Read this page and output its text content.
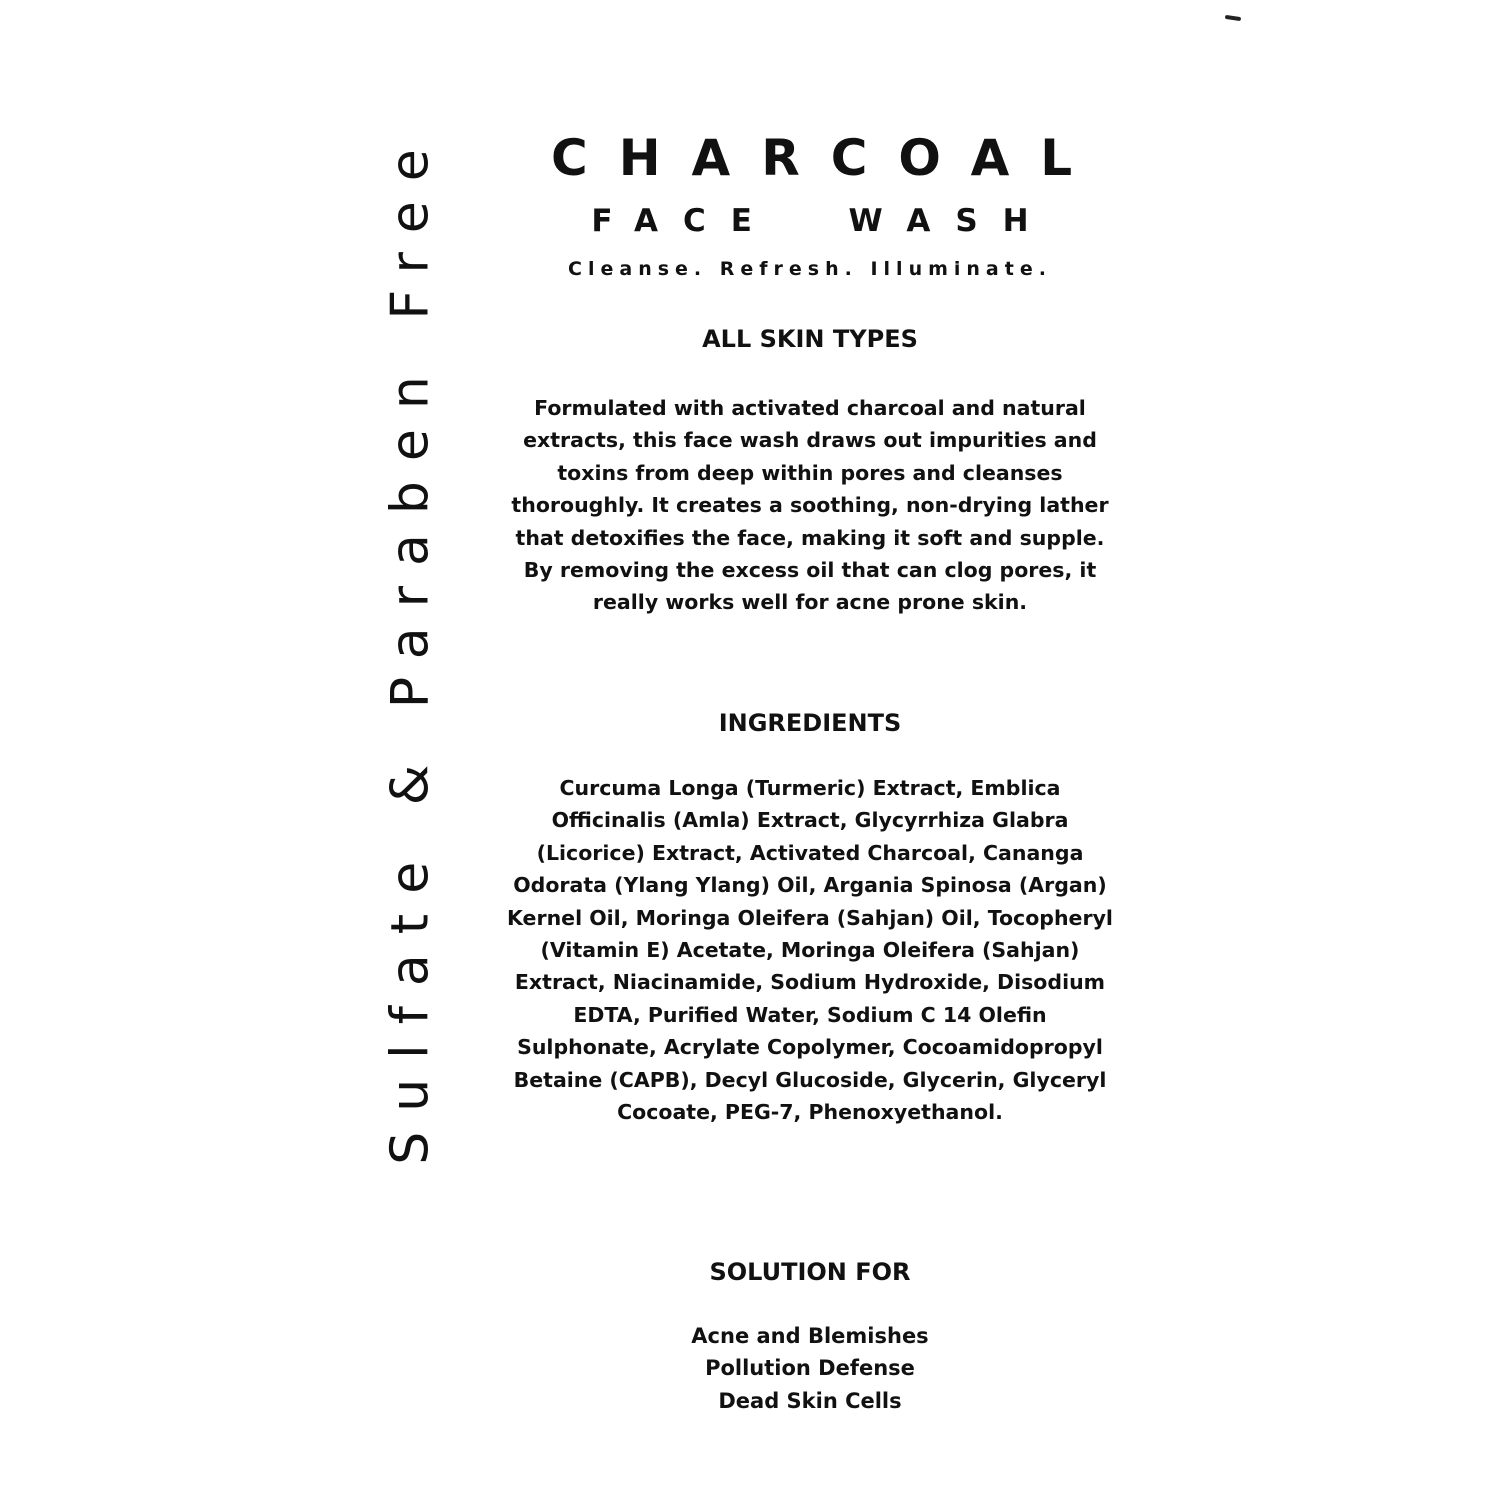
Sulfate & Paraben Free	CHARCOAL
FACE  WASH
Cleanse. Refresh. Illuminate.
ALL SKIN TYPES
Formulated with activated charcoal and natural extracts, this face wash draws out impurities and toxins from deep within pores and cleanses thoroughly. It creates a soothing, non-drying lather that detoxifies the face, making it soft and supple. By removing the excess oil that can clog pores, it really works well for acne prone skin.
INGREDIENTS
Curcuma Longa (Turmeric) Extract, Emblica Officinalis (Amla) Extract, Glycyrrhiza Glabra (Licorice) Extract, Activated Charcoal, Cananga Odorata (Ylang Ylang) Oil, Argania Spinosa (Argan) Kernel Oil, Moringa Oleifera (Sahjan) Oil, Tocopheryl (Vitamin E) Acetate, Moringa Oleifera (Sahjan) Extract, Niacinamide, Sodium Hydroxide, Disodium EDTA, Purified Water, Sodium C 14 Olefin Sulphonate, Acrylate Copolymer, Cocoamidopropyl Betaine (CAPB), Decyl Glucoside, Glycerin, Glyceryl Cocoate, PEG-7, Phenoxyethanol.
SOLUTION FOR
Acne and Blemishes
Pollution Defense
Dead Skin Cells
